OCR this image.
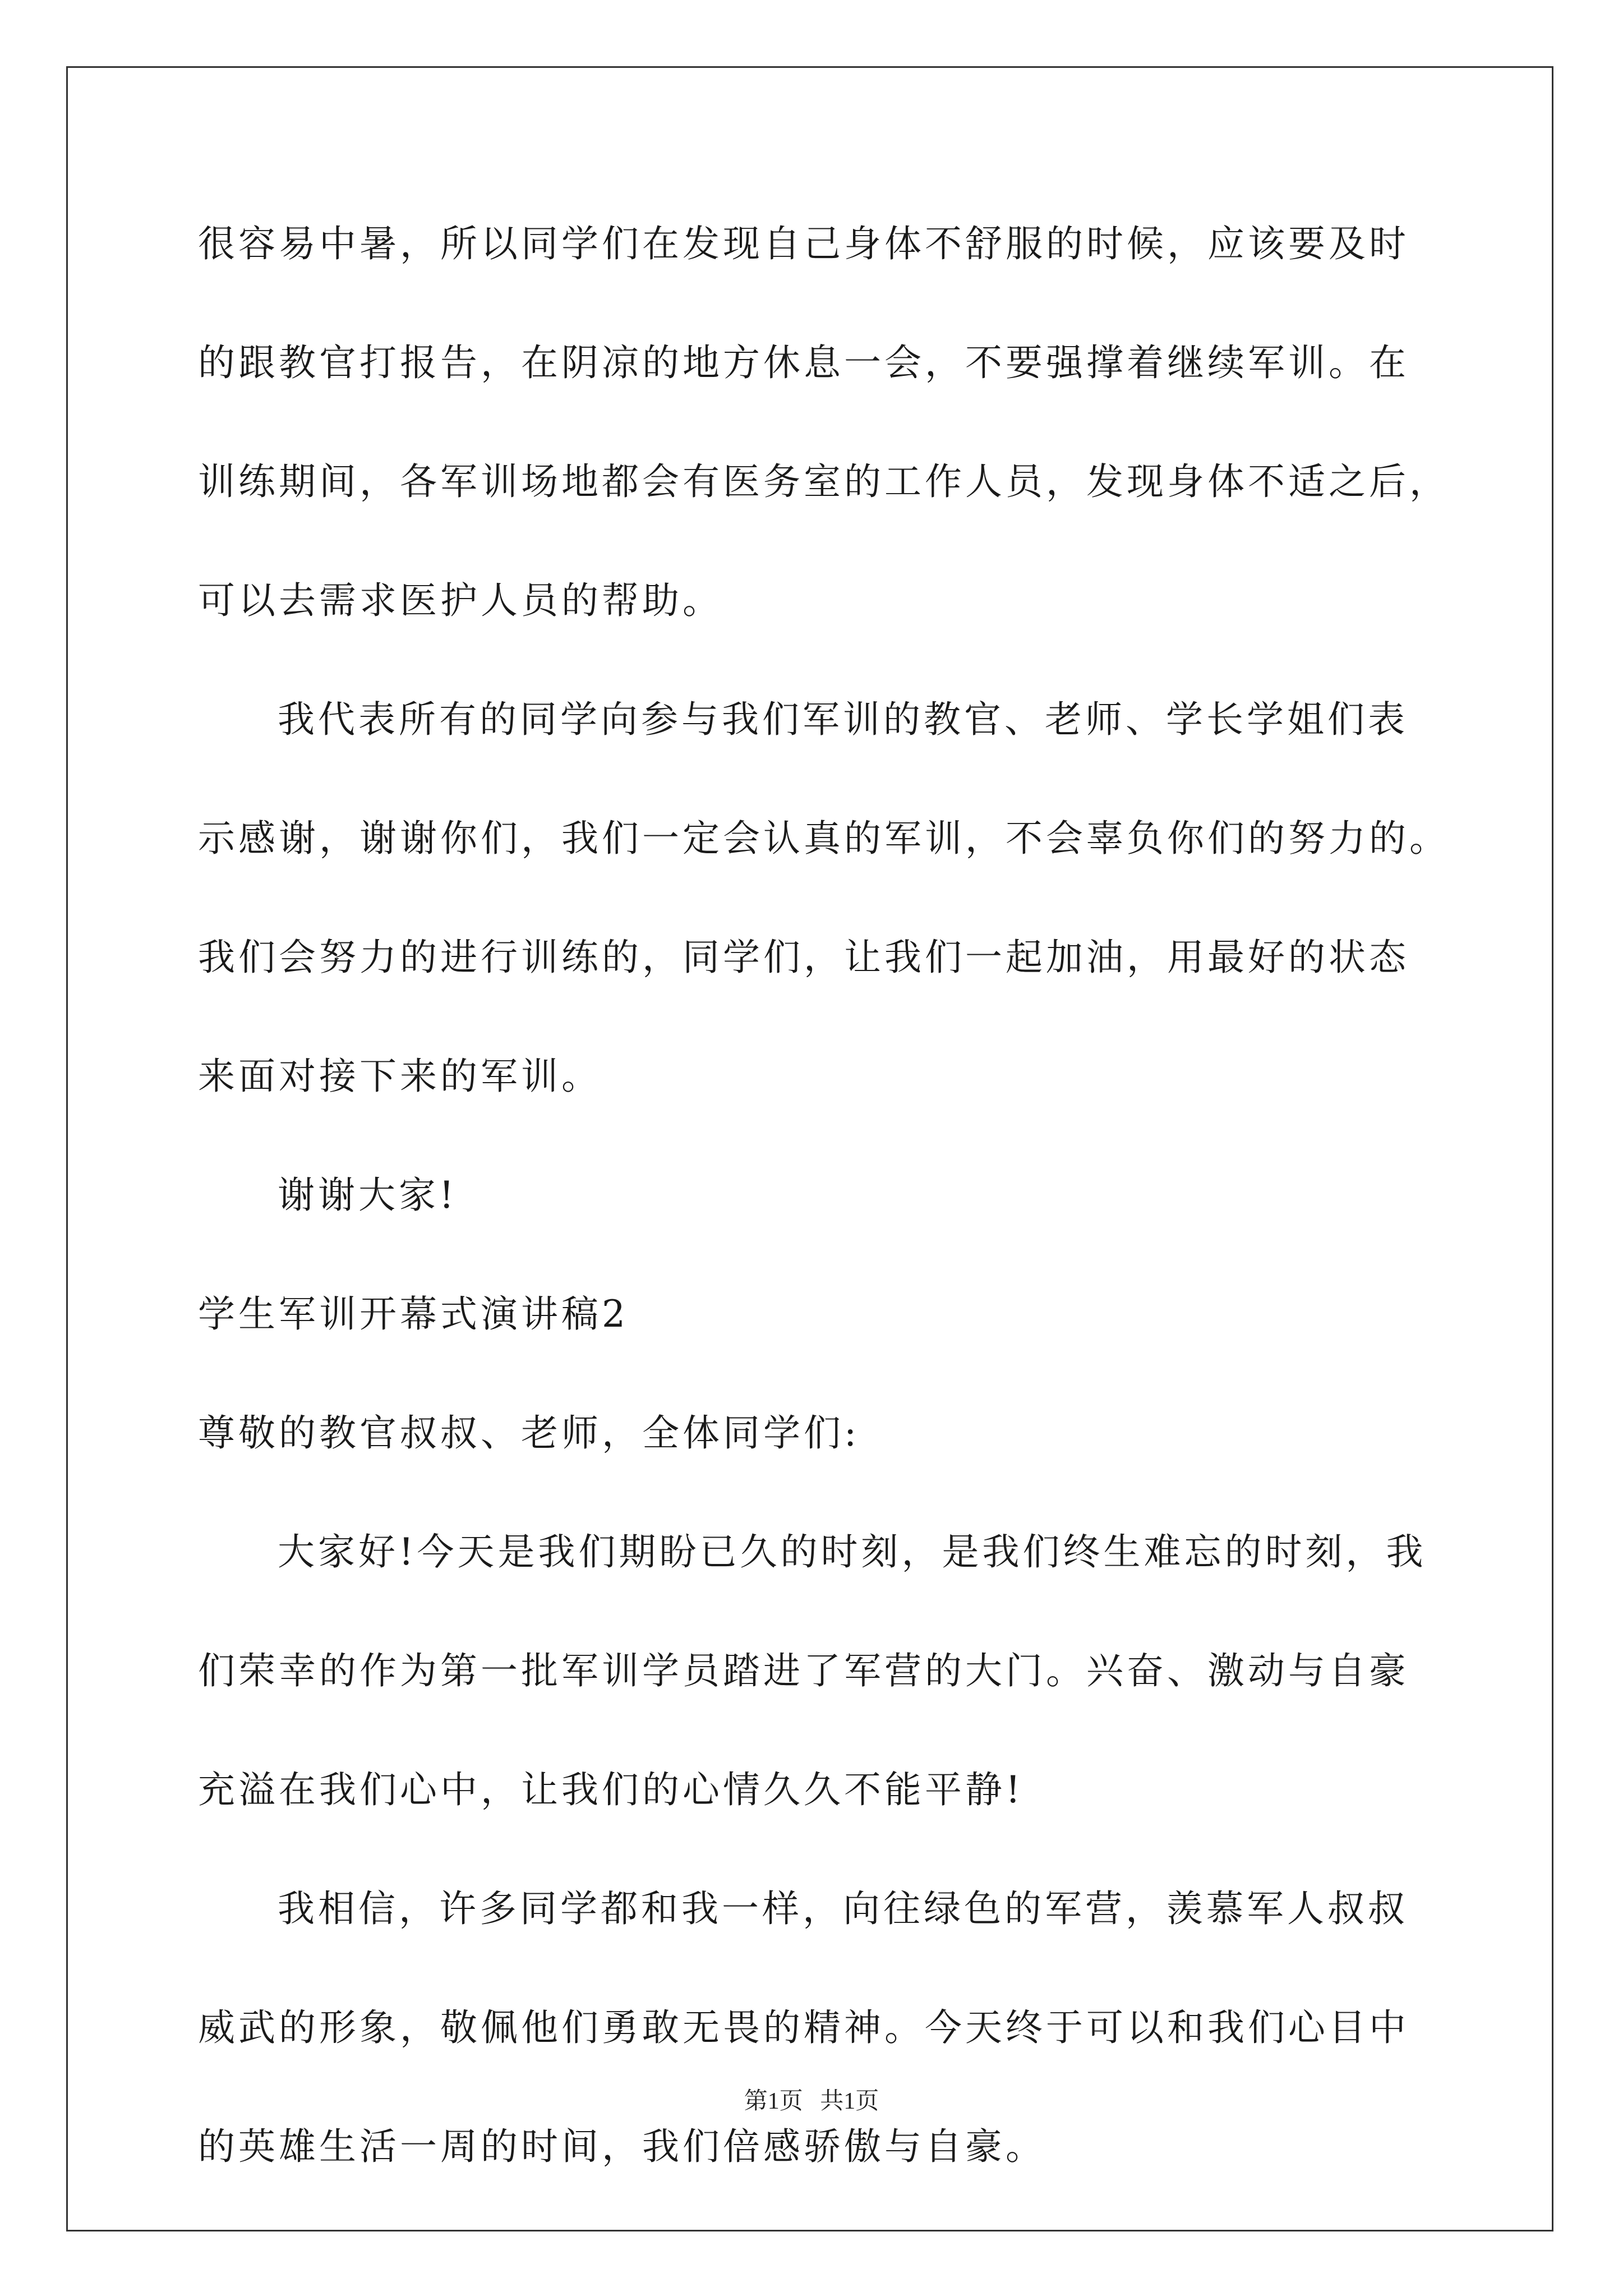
很容易中暑，所以同学们在发现自己身体不舒服的时候，应该要及时
的跟教官打报告，在阴凉的地方休息一会，不要强撑着继续军训。在
训练期间，各军训场地都会有医务室的工作人员，发现身体不适之后，
可以去需求医护人员的帮助。
我代表所有的同学向参与我们军训的教官、老师、学长学姐们表
示感谢，谢谢你们，我们一定会认真的军训，不会辜负你们的努力的。
我们会努力的进行训练的，同学们，让我们一起加油，用最好的状态
来面对接下来的军训。
谢谢大家!
学生军训开幕式演讲稿2
尊敬的教官叔叔、老师，全体同学们:
大家好!今天是我们期盼已久的时刻，是我们终生难忘的时刻，我
们荣幸的作为第一批军训学员踏进了军营的大门。兴奋、激动与自豪
充溢在我们心中，让我们的心情久久不能平静!
我相信，许多同学都和我一样，向往绿色的军营，羡慕军人叔叔
威武的形象，敬佩他们勇敢无畏的精神。今天终于可以和我们心目中
的英雄生活一周的时间，我们倍感骄傲与自豪。
第1页 共1页
